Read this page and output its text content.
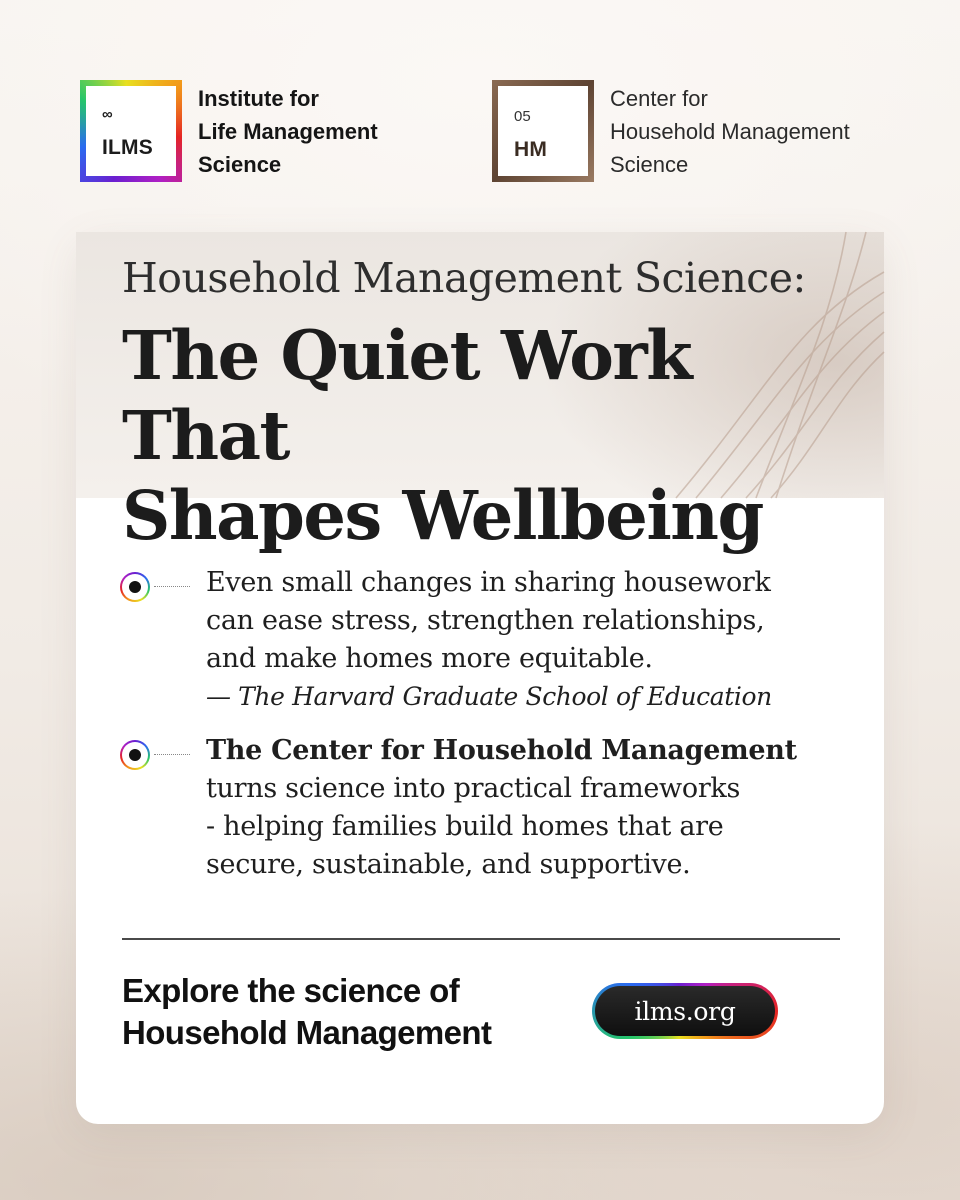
∞
ILMS
Institute for
Life Management
Science
05
HM
Center for
Household Management
Science
Household Management Science:
The Quiet Work That
Shapes Wellbeing
Even small changes in sharing housework
can ease stress, strengthen relationships,
and make homes more equitable.
— The Harvard Graduate School of Education
The Center for Household Management
turns science into practical frameworks
- helping families build homes that are
secure, sustainable, and supportive.
Explore the science of
Household Management
ilms.org
